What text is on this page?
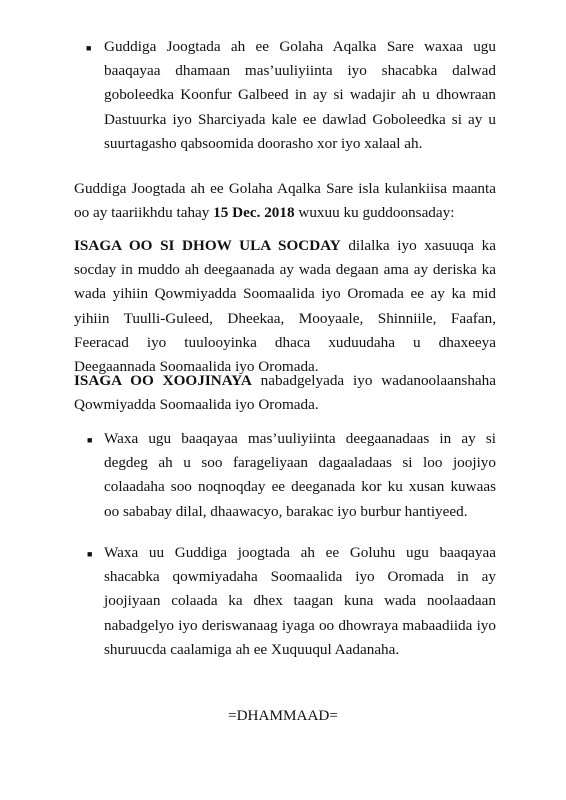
■ Guddiga Joogtada ah ee Golaha Aqalka Sare waxaa ugu baaqayaa dhamaan mas’uuliyiinta iyo shacabka dalwad goboleedka Koonfur Galbeed in ay si wadajir ah u dhowraan Dastuurka iyo Sharciyada kale ee dawlad Goboleedka si ay u suurtagasho qabsoomida doorasho xor iyo xalaal ah.

Guddiga Joogtada ah ee Golaha Aqalka Sare isla kulankiisa maanta oo ay taariikhdu tahay 15 Dec. 2018 wuxuu ku guddoonsaday:

ISAGA OO SI DHOW ULA SOCDAY dilalka iyo xasuuqa ka socday in muddo ah deegaanada ay wada degaan ama ay deriska ka wada yihiin Qowmiyadda Soomaalida iyo Oromada ee ay ka mid yihiin Tuulli-Guleed, Dheekaa, Mooyaale, Shinniile, Faafan, Feeracad iyo tuulooyinka dhaca xuduudaha u dhaxeeya Deegaannada Soomaalida iyo Oromada.

ISAGA OO XOOJINAYA nabadgelyada iyo wadanoolaanshaha Qowmiyadda Soomaalida iyo Oromada.

■ Waxa ugu baaqayaa mas’uuliyiinta deegaanadaas in ay si degdeg ah u soo farageliyaan dagaaladaas si loo joojiyo colaadaha soo noqnoqday ee deeganada kor ku xusan kuwaas oo sababay dilal, dhaawacyo, barakac iyo burbur hantiyeed.

■ Waxa uu Guddiga joogtada ah ee Goluhu ugu baaqayaa shacabka qowmiyadaha Soomaalida iyo Oromada in ay joojiyaan colaada ka dhex taagan kuna wada noolaadaan nabadgelyo iyo deriswanaag iyaga oo dhowraya mabaadiida iyo shuruucda caalamiga ah ee Xuquuqul Aadanaha.

=DHAMMAAD=
